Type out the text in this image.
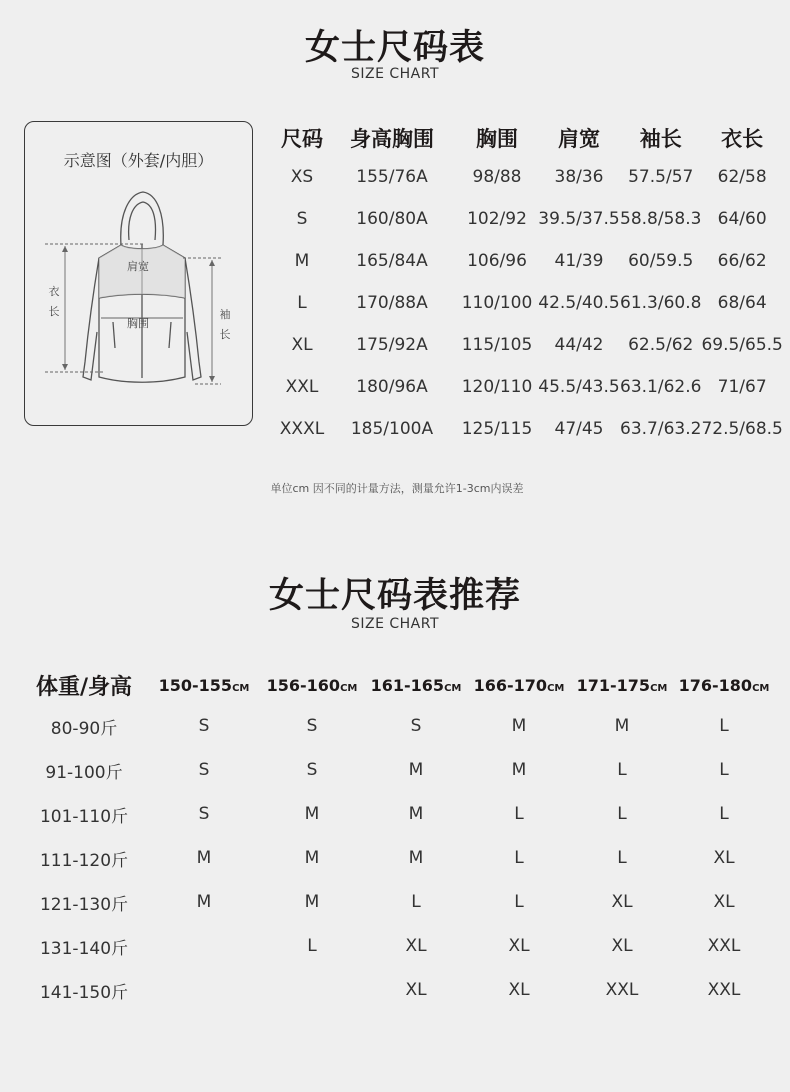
女士尺码表
SIZE CHART
示意图（外套/内胆）
肩宽
胸围
衣
长	袖
长
尺码	身高胸围	胸围	肩宽	袖长	衣长
XS	155/76A	98/88	38/36	57.5/57	62/58
S	160/80A	102/92	39.5/37.5	58.8/58.3	64/60
M	165/84A	106/96	41/39	60/59.5	66/62
L	170/88A	110/100	42.5/40.5	61.3/60.8	68/64
XL	175/92A	115/105	44/42	62.5/62	69.5/65.5
XXL	180/96A	120/110	45.5/43.5	63.1/62.6	71/67
XXXL	185/100A	125/115	47/45	63.7/63.2	72.5/68.5
单位cm 因不同的计量方法，测量允许1-3cm内误差
女士尺码表推荐
SIZE CHART
体重/身高	150-155CM	156-160CM	161-165CM	166-170CM	171-175CM	176-180CM
80-90斤	S	S	S	M	M	L
91-100斤	S	S	M	M	L	L
101-110斤	S	M	M	L	L	L
111-120斤	M	M	M	L	L	XL
121-130斤	M	M	L	L	XL	XL
131-140斤		L	XL	XL	XL	XXL
141-150斤			XL	XL	XXL	XXL
